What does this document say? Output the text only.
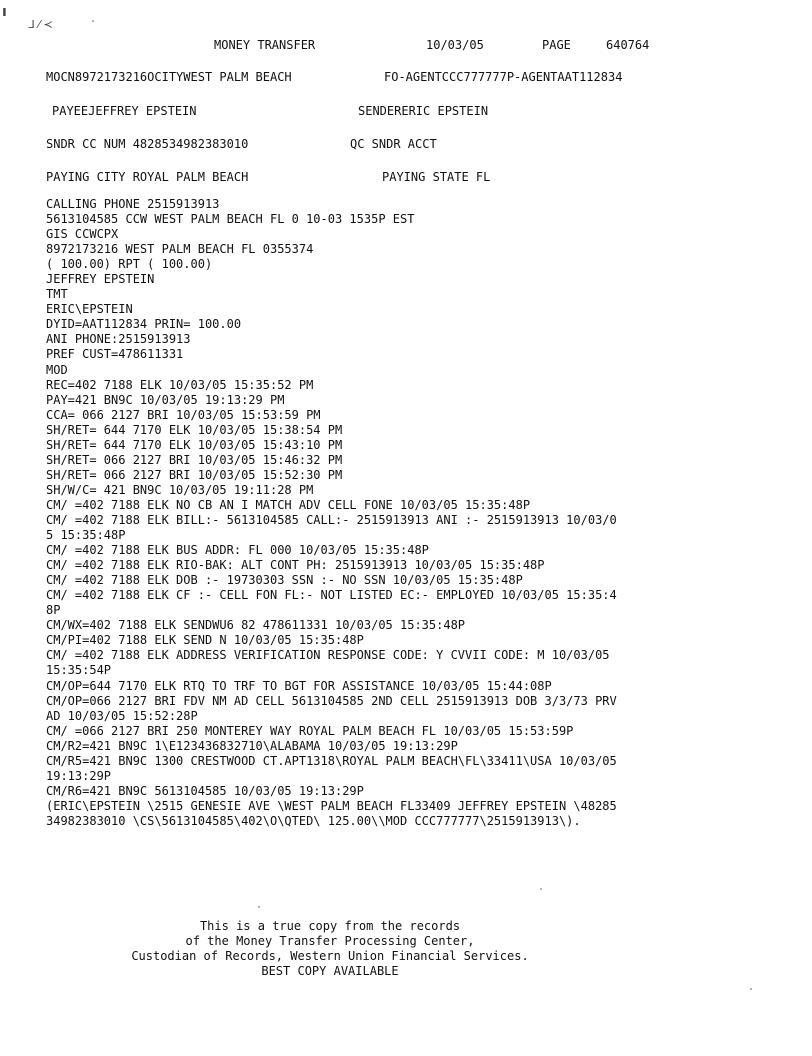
ı
ᒧ ⁄ ≺
MONEY TRANSFER	10/03/05	PAGE	640764
MOCN8972173216OCITYWEST PALM BEACH	FO-AGENTCCC777777P-AGENTAAT112834
PAYEEJEFFREY EPSTEIN	SENDERERIC EPSTEIN
SNDR CC NUM 4828534982383010	QC SNDR ACCT
PAYING CITY ROYAL PALM BEACH	PAYING STATE FL
CALLING PHONE 2515913913
5613104585 CCW WEST PALM BEACH FL 0 10-03 1535P EST
GIS CCWCPX
8972173216 WEST PALM BEACH FL 0355374
( 100.00) RPT ( 100.00)
JEFFREY EPSTEIN
TMT
ERIC\EPSTEIN
DYID=AAT112834 PRIN= 100.00
ANI PHONE:2515913913
PREF CUST=478611331
MOD
REC=402 7188 ELK 10/03/05 15:35:52 PM
PAY=421 BN9C 10/03/05 19:13:29 PM
CCA= 066 2127 BRI 10/03/05 15:53:59 PM
SH/RET= 644 7170 ELK 10/03/05 15:38:54 PM
SH/RET= 644 7170 ELK 10/03/05 15:43:10 PM
SH/RET= 066 2127 BRI 10/03/05 15:46:32 PM
SH/RET= 066 2127 BRI 10/03/05 15:52:30 PM
SH/W/C= 421 BN9C 10/03/05 19:11:28 PM
CM/ =402 7188 ELK NO CB AN I MATCH ADV CELL FONE 10/03/05 15:35:48P
CM/ =402 7188 ELK BILL:- 5613104585 CALL:- 2515913913 ANI :- 2515913913 10/03/0
5 15:35:48P
CM/ =402 7188 ELK BUS ADDR: FL 000 10/03/05 15:35:48P
CM/ =402 7188 ELK RIO-BAK: ALT CONT PH: 2515913913 10/03/05 15:35:48P
CM/ =402 7188 ELK DOB :- 19730303 SSN :- NO SSN 10/03/05 15:35:48P
CM/ =402 7188 ELK CF :- CELL FON FL:- NOT LISTED EC:- EMPLOYED 10/03/05 15:35:4
8P
CM/WX=402 7188 ELK SENDWU6 82 478611331 10/03/05 15:35:48P
CM/PI=402 7188 ELK SEND N 10/03/05 15:35:48P
CM/ =402 7188 ELK ADDRESS VERIFICATION RESPONSE CODE: Y CVVII CODE: M 10/03/05
15:35:54P
CM/OP=644 7170 ELK RTQ TO TRF TO BGT FOR ASSISTANCE 10/03/05 15:44:08P
CM/OP=066 2127 BRI FDV NM AD CELL 5613104585 2ND CELL 2515913913 DOB 3/3/73 PRV
AD 10/03/05 15:52:28P
CM/ =066 2127 BRI 250 MONTEREY WAY ROYAL PALM BEACH FL 10/03/05 15:53:59P
CM/R2=421 BN9C 1\E123436832710\ALABAMA 10/03/05 19:13:29P
CM/R5=421 BN9C 1300 CRESTWOOD CT.APT1318\ROYAL PALM BEACH\FL\33411\USA 10/03/05
19:13:29P
CM/R6=421 BN9C 5613104585 10/03/05 19:13:29P
(ERIC\EPSTEIN \2515 GENESIE AVE \WEST PALM BEACH FL33409 JEFFREY EPSTEIN \48285
34982383010 \CS\5613104585\402\O\QTED\ 125.00\\MOD CCC777777\2515913913\).
This is a true copy from the records
of the Money Transfer Processing Center,
Custodian of Records, Western Union Financial Services.
BEST COPY AVAILABLE
